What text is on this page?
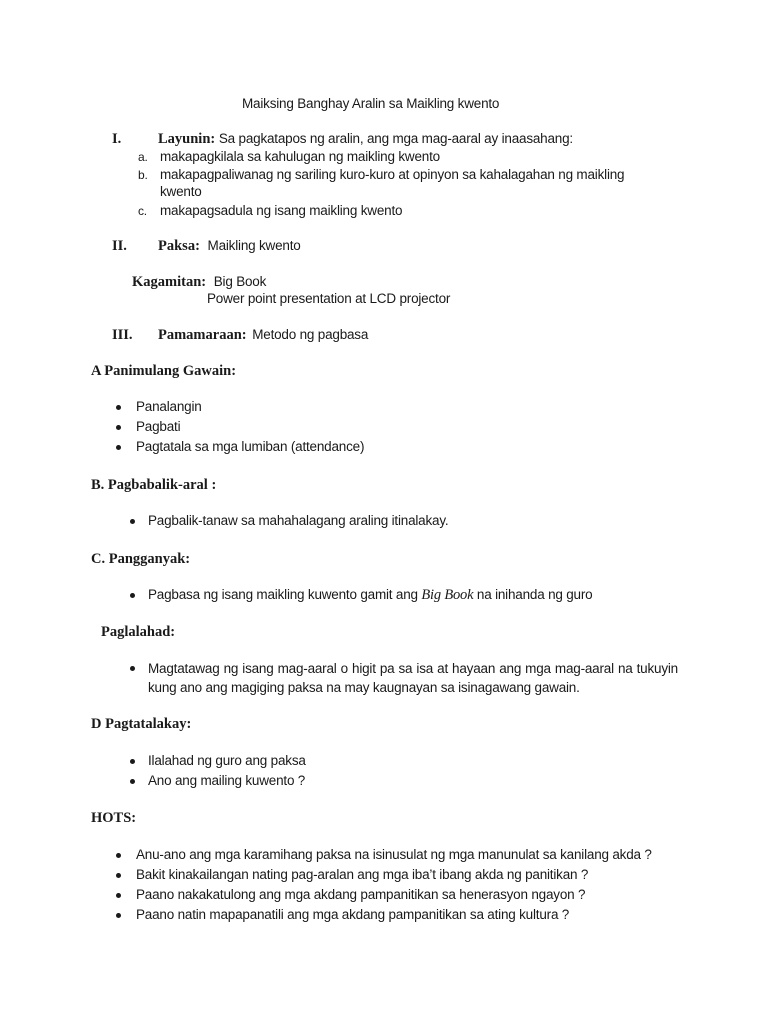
Maiksing Banghay Aralin sa Maikling kwento
I.	Layunin: Sa pagkatapos ng aralin, ang mga mag-aaral ay inaasahang:
a. makapagkilala sa kahulugan ng maikling kwento
b. makapagpaliwanag ng sariling kuro-kuro at opinyon sa kahalagahan ng maikling
kwento
c. makapagsadula ng isang maikling kwento
II. Paksa: Maikling kwento
Kagamitan: Big Book
Power point presentation at LCD projector
III. Pamamaraan: Metodo ng pagbasa
A Panimulang Gawain:
Panalangin
Pagbati
Pagtatala sa mga lumiban (attendance)
B. Pagbabalik-aral :
Pagbalik-tanaw sa mahahalagang araling itinalakay.
C. Pangganyak:
Pagbasa ng isang maikling kuwento gamit ang Big Book na inihanda ng guro
Paglalahad:
Magtatawag ng isang mag-aaral o higit pa sa isa at hayaan ang mga mag-aaral na tukuyin kung ano ang magiging paksa na may kaugnayan sa isinagawang gawain.
D Pagtatalakay:
Ilalahad ng guro ang paksa
Ano ang mailing kuwento ?
HOTS:
Anu-ano ang mga karamihang paksa na isinusulat ng mga manunulat sa kanilang akda ?
Bakit kinakailangan nating pag-aralan ang mga iba’t ibang akda ng panitikan ?
Paano nakakatulong ang mga akdang pampanitikan sa henerasyon ngayon ?
Paano natin mapapanatili ang mga akdang pampanitikan sa ating kultura ?
